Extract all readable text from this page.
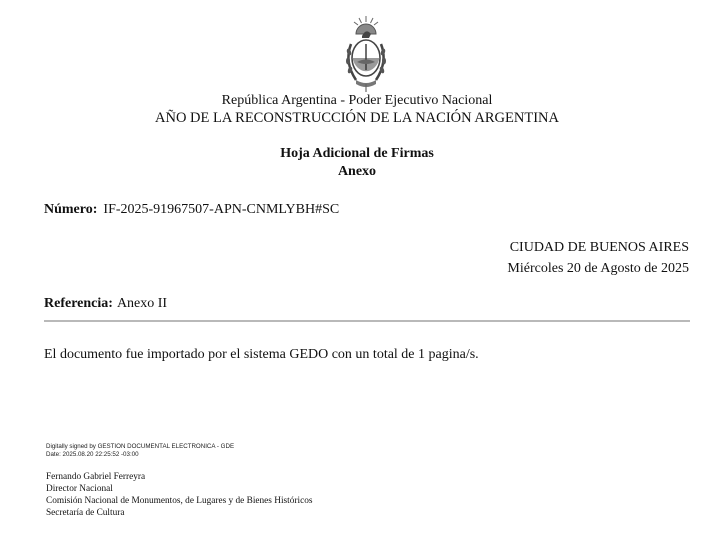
República Argentina - Poder Ejecutivo Nacional
AÑO DE LA RECONSTRUCCIÓN DE LA NACIÓN ARGENTINA
Hoja Adicional de Firmas
Anexo
Número: IF-2025-91967507-APN-CNMLYBH#SC
CIUDAD DE BUENOS AIRES
Miércoles 20 de Agosto de 2025
Referencia: Anexo II
El documento fue importado por el sistema GEDO con un total de 1 pagina/s.
Digitally signed by GESTION DOCUMENTAL ELECTRONICA - GDE
Date: 2025.08.20 22:25:52 -03:00
Fernando Gabriel Ferreyra
Director Nacional
Comisión Nacional de Monumentos, de Lugares y de Bienes Históricos
Secretaría de Cultura
